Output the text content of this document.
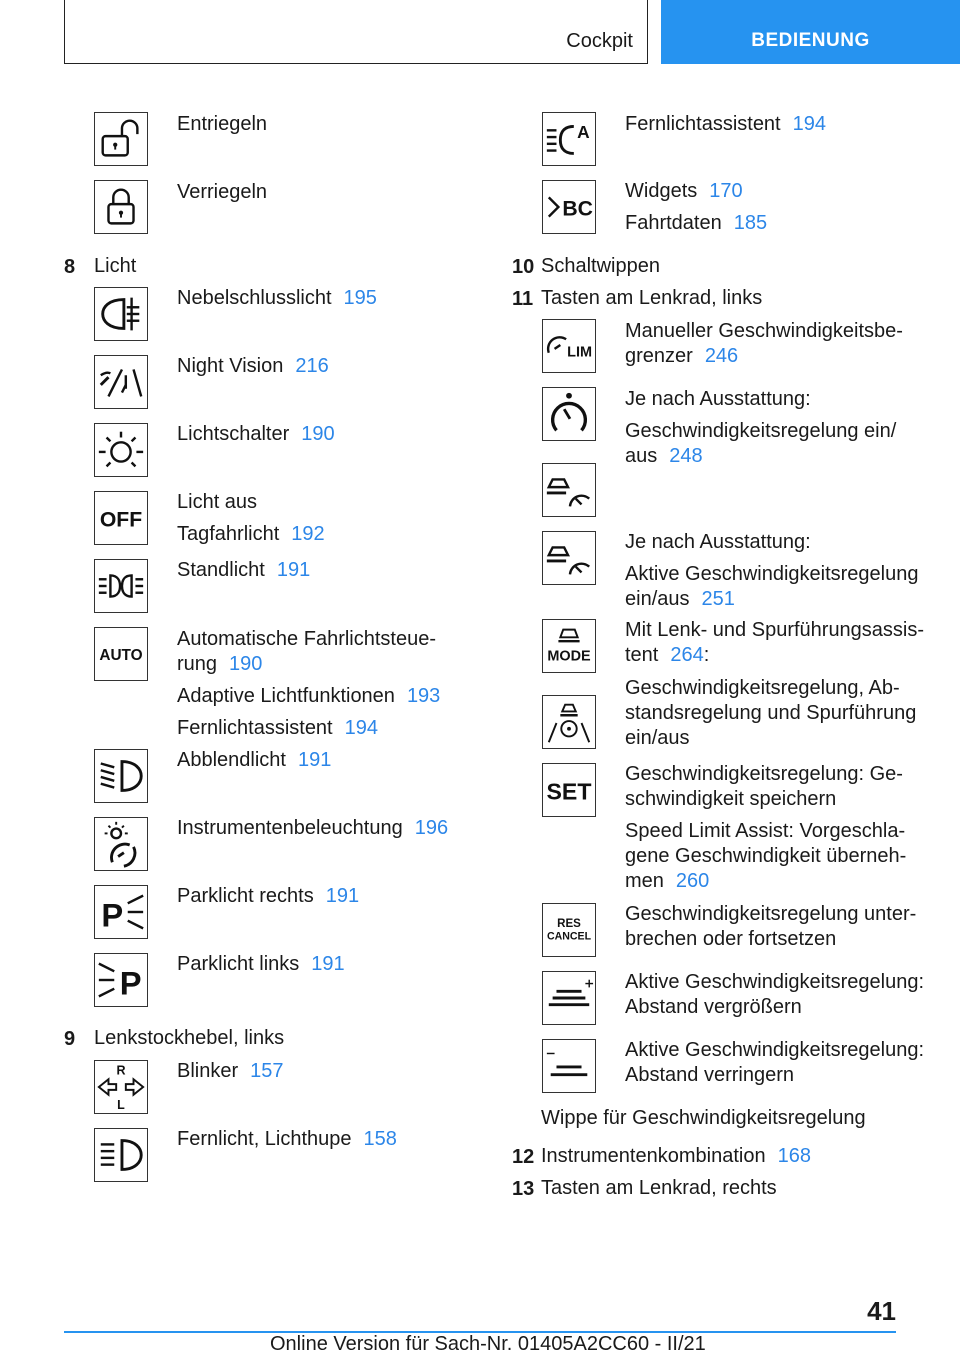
Cockpit	BEDIENUNG
Entriegeln
Verriegeln
8 Licht
Nebelschlusslicht 195
Night Vision 216
Lichtschalter 190
OFF
Licht aus
Tagfahrlicht 192
Standlicht 191
AUTO
Automatische Fahrlichtsteue-
rung 190
Adaptive Lichtfunktionen 193
Fernlichtassistent 194
Abblendlicht 191
Instrumentenbeleuchtung 196
P
Parklicht rechts 191
P
Parklicht links 191
9 Lenkstockhebel, links
R
L
Blinker 157
Fernlicht, Lichthupe 158
A Fernlichtassistent 194
BC
Widgets 170
Fahrtdaten 185
10 Schaltwippen
11 Tasten am Lenkrad, links
LIM
Manueller Geschwindigkeitsbe-
grenzer 246
Je nach Ausstattung:
Geschwindigkeitsregelung ein/
aus 248
Je nach Ausstattung:
Aktive Geschwindigkeitsregelung
ein/aus 251
MODE
Mit Lenk- und Spurführungsassis-
tent 264:
Geschwindigkeitsregelung, Ab-
standsregelung und Spurführung
ein/aus
SET
Geschwindigkeitsregelung: Ge-
schwindigkeit speichern
Speed Limit Assist: Vorgeschla-
gene Geschwindigkeit überneh-
men 260
RES
CANCEL
Geschwindigkeitsregelung unter-
brechen oder fortsetzen
Aktive Geschwindigkeitsregelung:
Abstand vergrößern
Aktive Geschwindigkeitsregelung:
Abstand verringern
Wippe für Geschwindigkeitsregelung
12 Instrumentenkombination 168
13 Tasten am Lenkrad, rechts
41
Online Version für Sach-Nr. 01405A2CC60 - II/21
